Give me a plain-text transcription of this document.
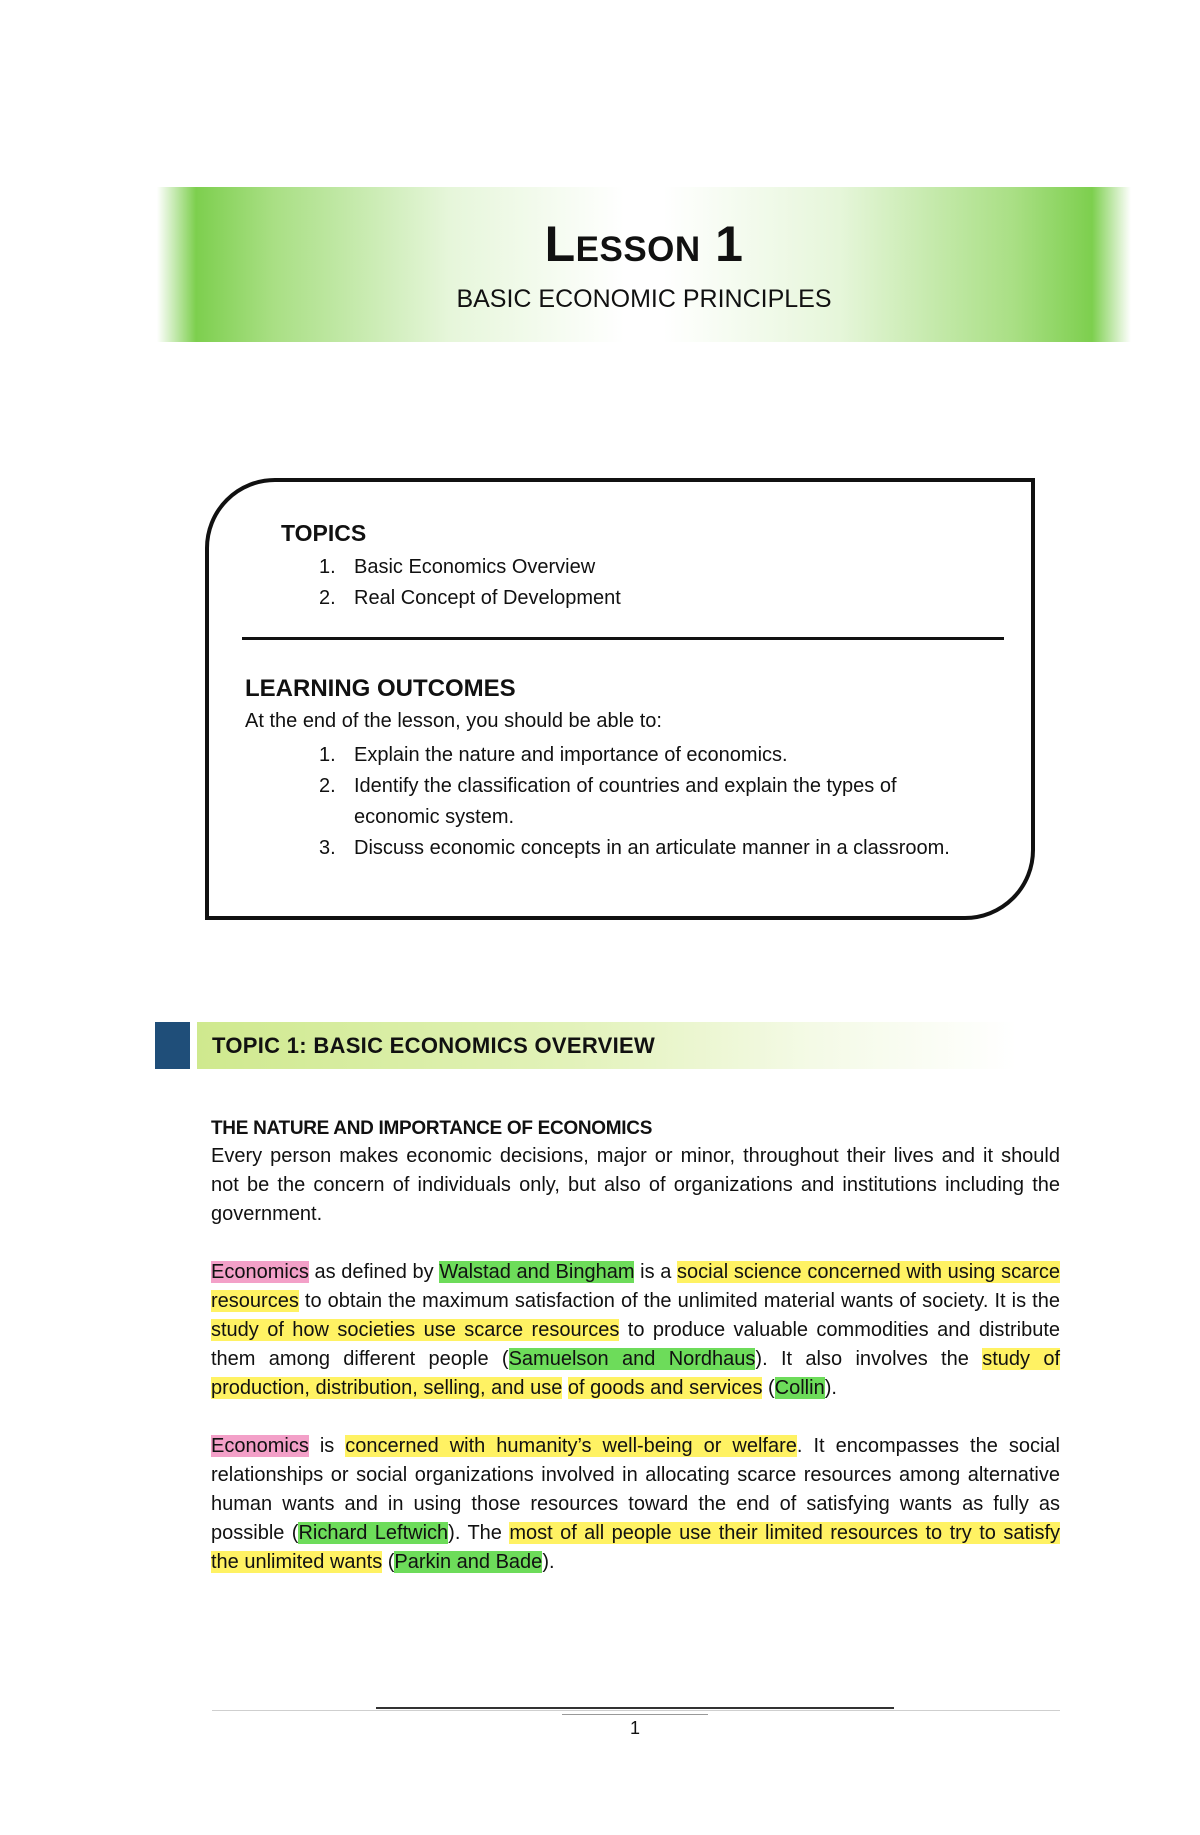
Lesson 1
BASIC ECONOMIC PRINCIPLES
TOPICS
1. Basic Economics Overview
2. Real Concept of Development
LEARNING OUTCOMES
At the end of the lesson, you should be able to:
1. Explain the nature and importance of economics.
2. Identify the classification of countries and explain the types of economic system.
3. Discuss economic concepts in an articulate manner in a classroom.
TOPIC 1: BASIC ECONOMICS OVERVIEW
THE NATURE AND IMPORTANCE OF ECONOMICS

Every person makes economic decisions, major or minor, throughout their lives and it should not be the concern of individuals only, but also of organizations and institutions including the government.

Economics as defined by Walstad and Bingham is a social science concerned with using scarce resources to obtain the maximum satisfaction of the unlimited material wants of society. It is the study of how societies use scarce resources to produce valuable commodities and distribute them among different people (Samuelson and Nordhaus). It also involves the study of production, distribution, selling, and use of goods and services (Collin).

Economics is concerned with humanity’s well-being or welfare. It encompasses the social relationships or social organizations involved in allocating scarce resources among alternative human wants and in using those resources toward the end of satisfying wants as fully as possible (Richard Leftwich). The most of all people use their limited resources to try to satisfy the unlimited wants (Parkin and Bade).

1
